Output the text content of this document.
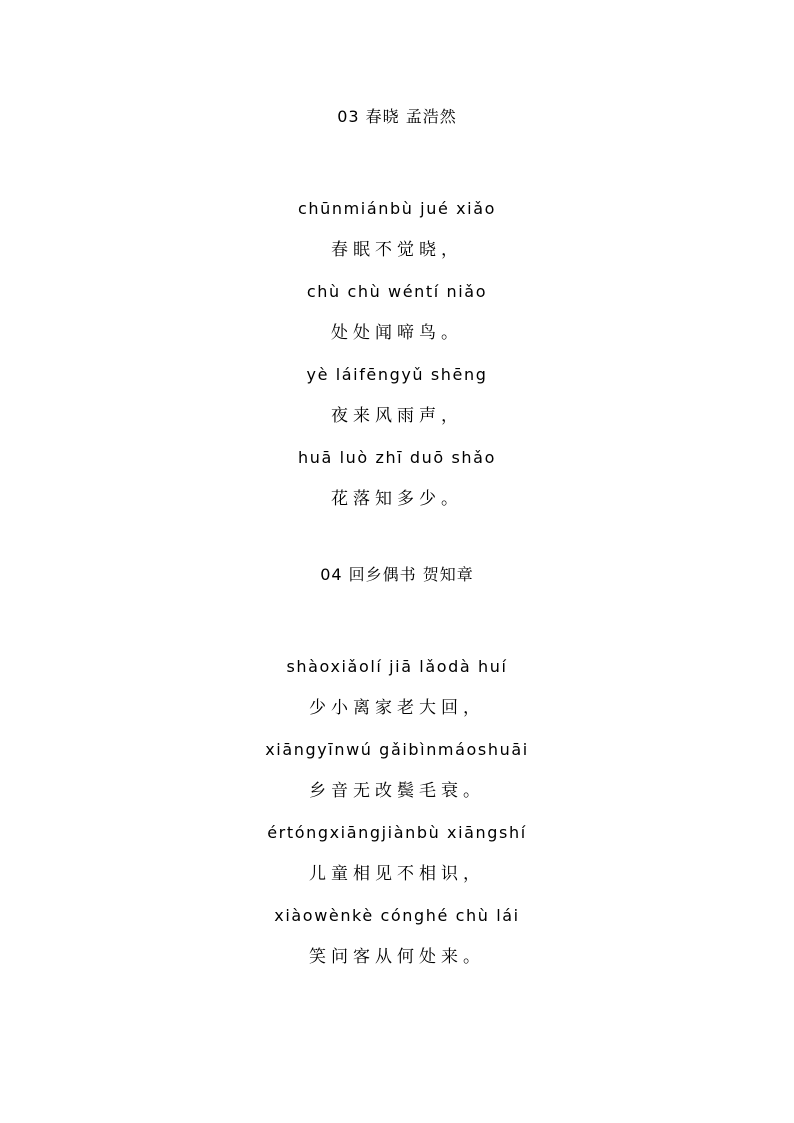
03 春晓 孟浩然
chūnmiánbù jué xiǎo
春眠不觉晓，
chù chù wéntí niǎo
处处闻啼鸟。
yè láifēngyǔ shēng
夜来风雨声，
huā luò zhī duō shǎo
花落知多少。
04 回乡偶书 贺知章
shàoxiǎolí jiā lǎodà huí
少小离家老大回，
xiāngyīnwú gǎibìnmáoshuāi
乡音无改鬓毛衰。
értóngxiāngjiànbù xiāngshí
儿童相见不相识，
xiàowènkè cónghé chù lái
笑问客从何处来。
